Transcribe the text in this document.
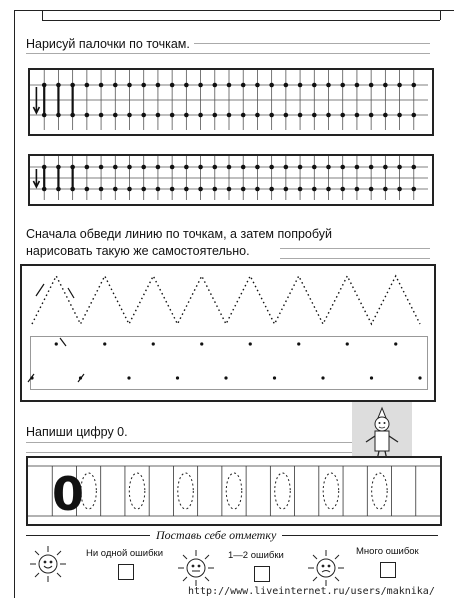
Нарисуй палочки по точкам.
Сначала обведи линию по точкам, а затем попробуй нарисовать такую же самостоятельно.
Напиши цифру 0.
0
Поставь себе отметку
Ни одной ошибки	1—2 ошибки	Много ошибок
http://www.liveinternet.ru/users/maknika/
